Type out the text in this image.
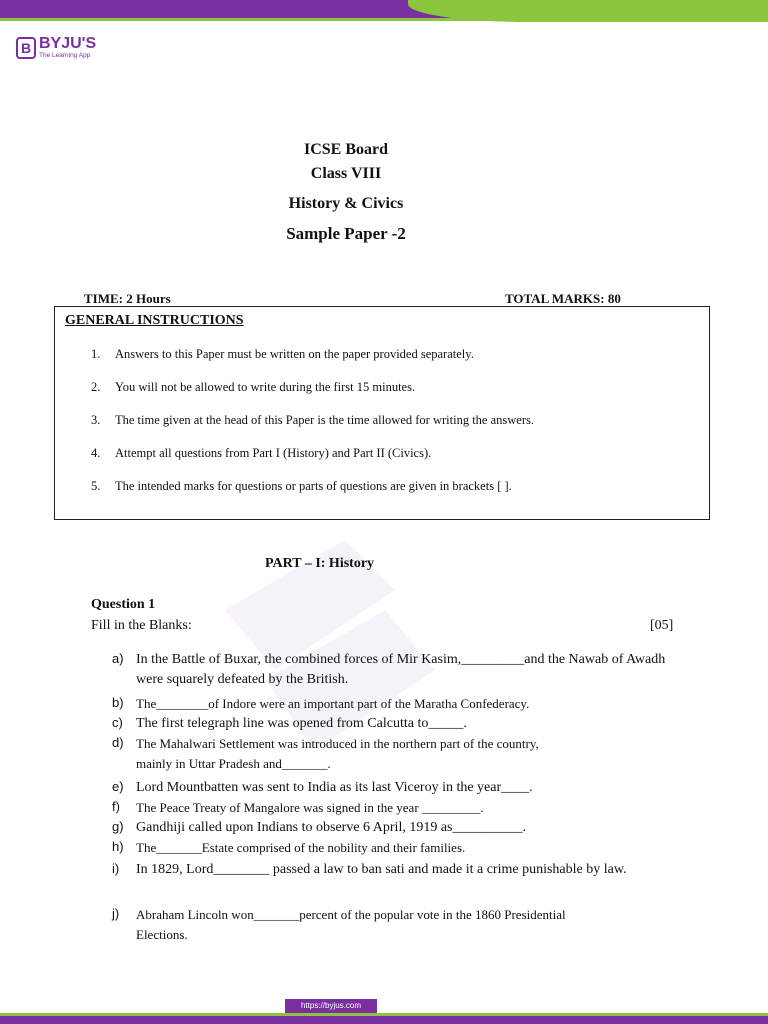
B BYJU'S
The Learning App
ICSE Board
Class VIII
History & Civics
Sample Paper -2
TIME: 2 Hours	TOTAL MARKS: 80
GENERAL INSTRUCTIONS
1.	Answers to this Paper must be written on the paper provided separately.
2.	You will not be allowed to write during the first 15 minutes.
3.	The time given at the head of this Paper is the time allowed for writing the answers.
4.	Attempt all questions from Part I (History) and Part II (Civics).
5.	The intended marks for questions or parts of questions are given in brackets [ ].
PART – I: History
Question 1
Fill in the Blanks:	[05]
a) In the Battle of Buxar, the combined forces of Mir Kasim,_________and the Nawab of Awadh were squarely defeated by the British.
b) The________of Indore were an important part of the Maratha Confederacy.
c) The first telegraph line was opened from Calcutta to_____.
d) The Mahalwari Settlement was introduced in the northern part of the country, mainly in Uttar Pradesh and_______.
e) Lord Mountbatten was sent to India as its last Viceroy in the year____.
f)	The Peace Treaty of Mangalore was signed in the year _________.
g) Gandhiji called upon Indians to observe 6 April, 1919 as__________.
h) The_______Estate comprised of the nobility and their families.
i)	In 1829, Lord________ passed a law to ban sati and made it a crime punishable by law.
j)	Abraham Lincoln won_______percent of the popular vote in the 1860 Presidential Elections.
https://byjus.com
